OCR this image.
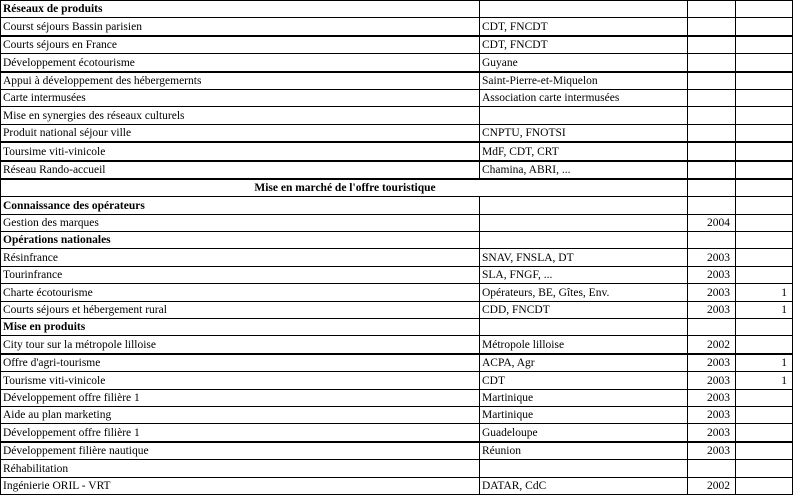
Réseaux de produits			
Courst séjours Bassin parisien	CDT, FNCDT		
Courts séjours en France	CDT, FNCDT		
Développement écotourisme	Guyane		
Appui à développement des hébergemernts	Saint-Pierre-et-Miquelon		
Carte intermusées	Association carte intermusées		
Mise en synergies des réseaux culturels			
Produit national séjour ville	CNPTU, FNOTSI		
Toursime viti-vinicole	MdF, CDT, CRT		
Réseau Rando-accueil	Chamina, ABRI, ...		
Mise en marché de l'offre touristique			
Connaissance des opérateurs			
Gestion des marques		2004	
Opérations nationales			
Résinfrance	SNAV, FNSLA, DT	2003	
Tourinfrance	SLA, FNGF, ...	2003	
Charte écotourisme	Opérateurs, BE, Gîtes, Env.	2003	1
Courts séjours et hébergement rural	CDD, FNCDT	2003	1
Mise en produits			
City tour sur la métropole lilloise	Métropole lilloise	2002	
Offre d'agri-tourisme	ACPA, Agr	2003	1
Tourisme viti-vinicole	CDT	2003	1
Développement offre filière 1	Martinique	2003	
Aide au plan marketing	Martinique	2003	
Développement offre filière 1	Guadeloupe	2003	
Développement filière nautique	Réunion	2003	
Réhabilitation			
Ingénierie ORIL - VRT	DATAR, CdC	2002	
